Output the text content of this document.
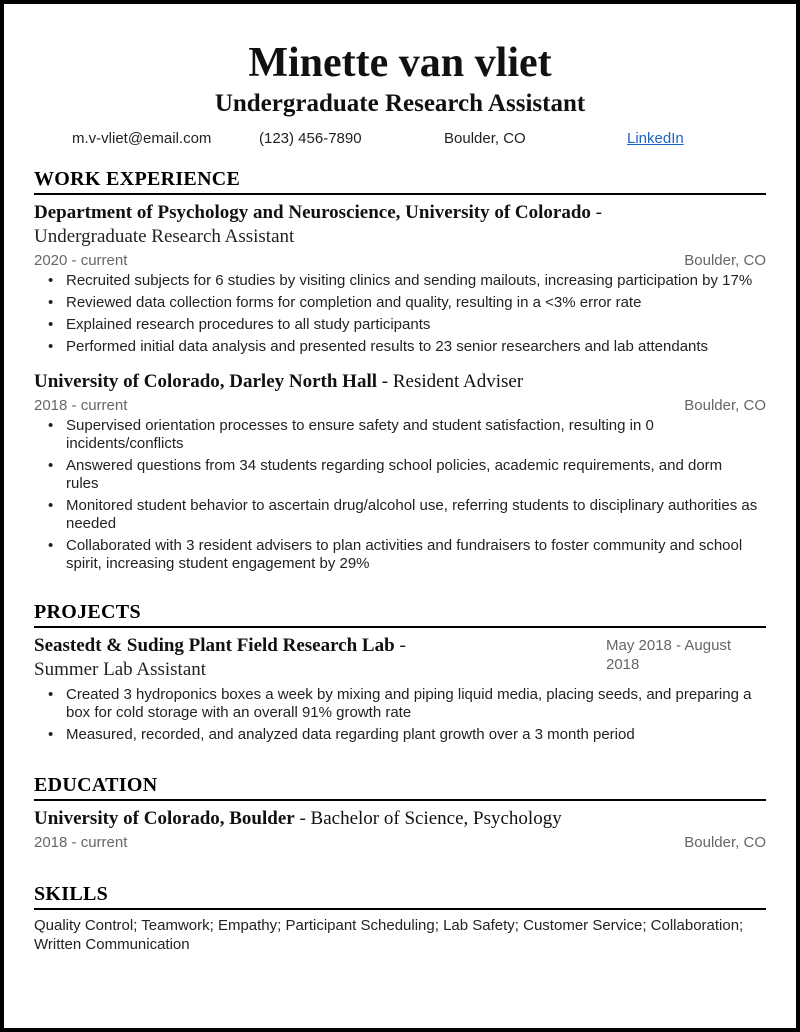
Minette van vliet
Undergraduate Research Assistant
m.v-vliet@email.com	(123) 456-7890	Boulder, CO	LinkedIn
WORK EXPERIENCE
Department of Psychology and Neuroscience, University of Colorado -
Undergraduate Research Assistant
2020 - current	Boulder, CO
• Recruited subjects for 6 studies by visiting clinics and sending mailouts, increasing participation by 17%
• Reviewed data collection forms for completion and quality, resulting in a <3% error rate
• Explained research procedures to all study participants
• Performed initial data analysis and presented results to 23 senior researchers and lab attendants
University of Colorado, Darley North Hall - Resident Adviser
2018 - current	Boulder, CO
• Supervised orientation processes to ensure safety and student satisfaction, resulting in 0 incidents/conflicts
• Answered questions from 34 students regarding school policies, academic requirements, and dorm rules
• Monitored student behavior to ascertain drug/alcohol use, referring students to disciplinary authorities as needed
• Collaborated with 3 resident advisers to plan activities and fundraisers to foster community and school spirit, increasing student engagement by 29%
PROJECTS
Seastedt & Suding Plant Field Research Lab -
Summer Lab Assistant
May 2018 - August 2018
• Created 3 hydroponics boxes a week by mixing and piping liquid media, placing seeds, and preparing a box for cold storage with an overall 91% growth rate
• Measured, recorded, and analyzed data regarding plant growth over a 3 month period
EDUCATION
University of Colorado, Boulder - Bachelor of Science, Psychology
2018 - current	Boulder, CO
SKILLS
Quality Control; Teamwork; Empathy; Participant Scheduling; Lab Safety; Customer Service; Collaboration; Written Communication
